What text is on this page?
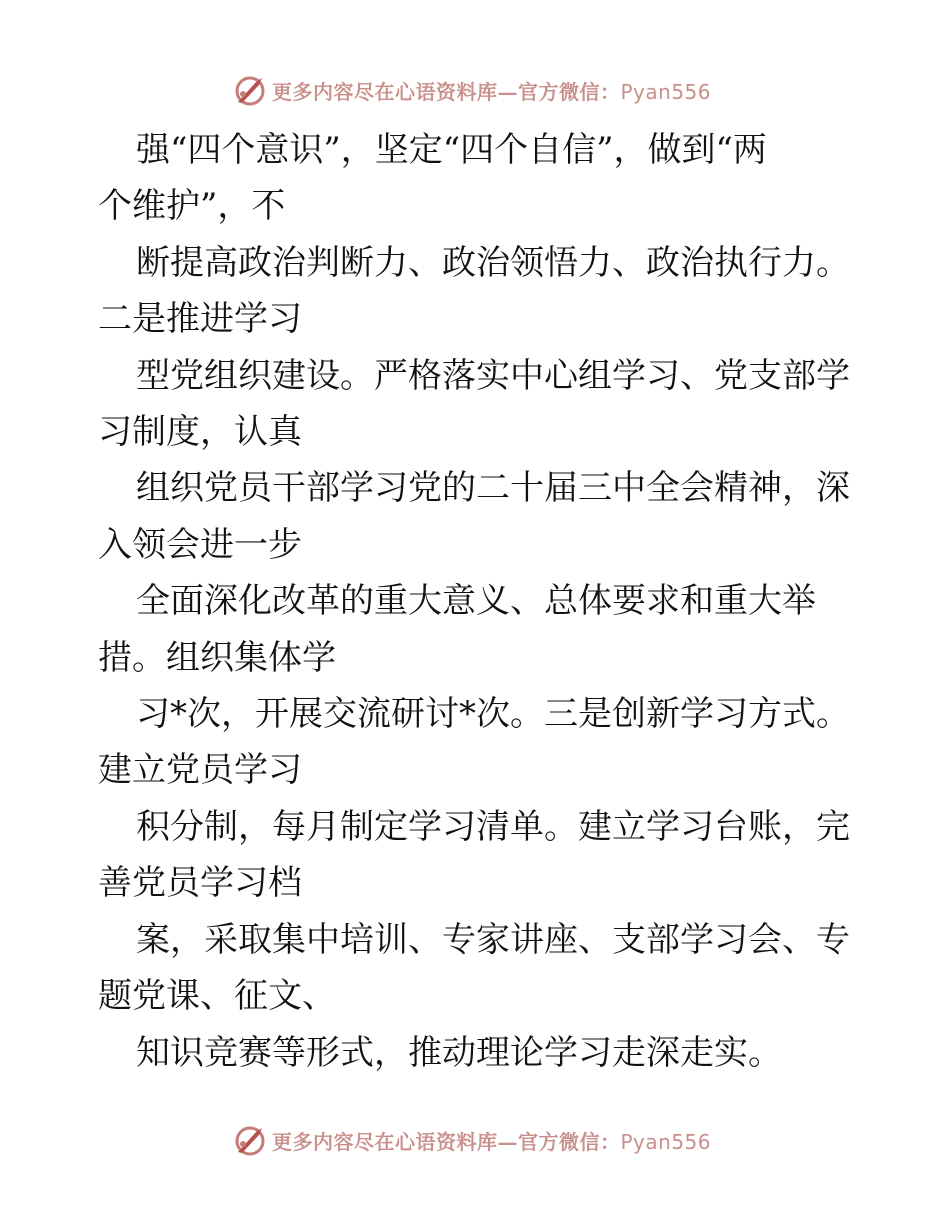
更多内容尽在心语资料库—官方微信：Pyan556
强“四个意识”，坚定“四个自信”，做到“两
个维护”，不
断提高政治判断力、政治领悟力、政治执行力。
二是推进学习
型党组织建设。严格落实中心组学习、党支部学
习制度，认真
组织党员干部学习党的二十届三中全会精神，深
入领会进一步
全面深化改革的重大意义、总体要求和重大举
措。组织集体学
习*次，开展交流研讨*次。三是创新学习方式。
建立党员学习
积分制，每月制定学习清单。建立学习台账，完
善党员学习档
案，采取集中培训、专家讲座、支部学习会、专
题党课、征文、
知识竞赛等形式，推动理论学习走深走实。
更多内容尽在心语资料库—官方微信：Pyan556
